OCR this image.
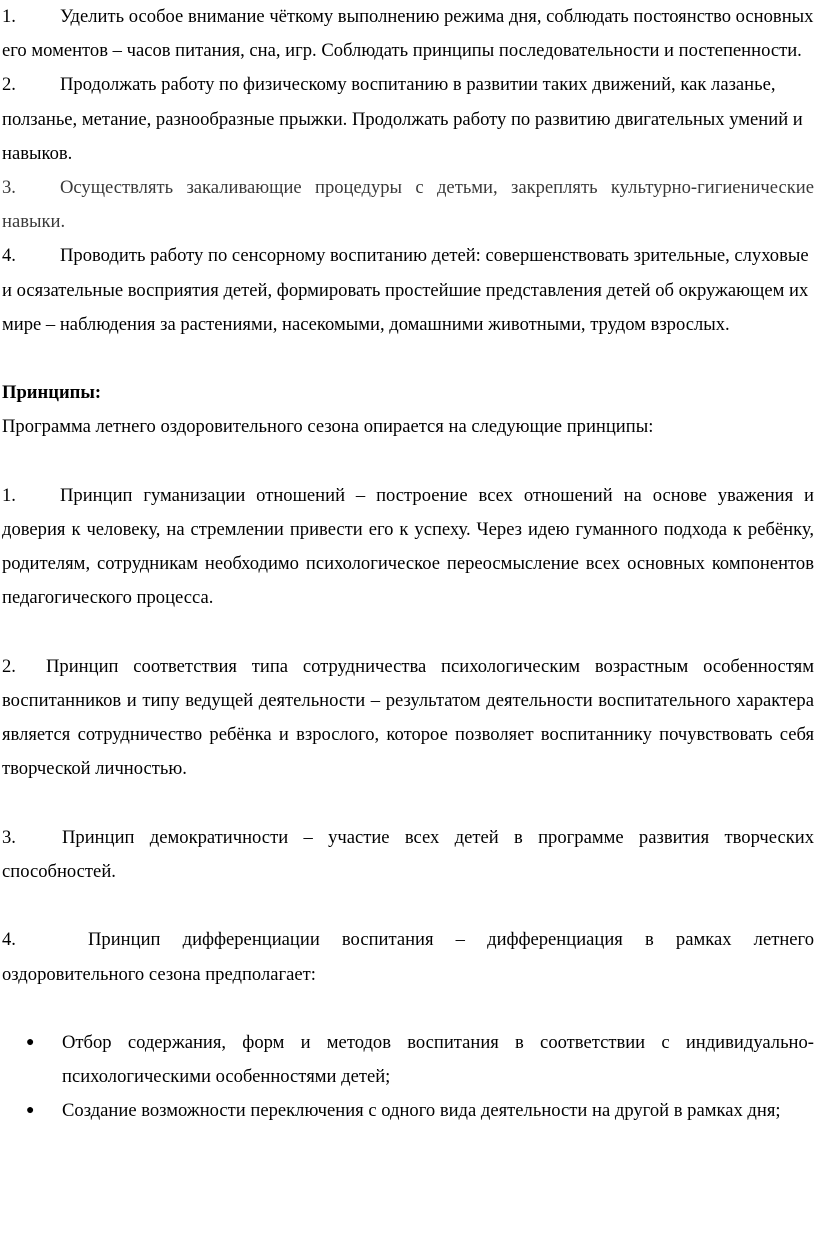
1. Уделить особое внимание чёткому выполнению режима дня, соблюдать постоянство основных его моментов – часов питания, сна, игр. Соблюдать принципы последовательности и постепенности.

2. Продолжать работу по физическому воспитанию в развитии таких движений, как лазанье, ползанье, метание, разнообразные прыжки. Продолжать работу по развитию двигательных умений и навыков.

3. Осуществлять закаливающие процедуры с детьми, закреплять культурно-гигиенические навыки.

4. Проводить работу по сенсорному воспитанию детей: совершенствовать зрительные, слуховые и осязательные восприятия детей, формировать простейшие представления детей об окружающем их мире – наблюдения за растениями, насекомыми, домашними животными, трудом взрослых.

Принципы:

Программа летнего оздоровительного сезона опирается на следующие принципы:

1. Принцип гуманизации отношений – построение всех отношений на основе уважения и доверия к человеку, на стремлении привести его к успеху. Через идею гуманного подхода к ребёнку, родителям, сотрудникам необходимо психологическое переосмысление всех основных компонентов педагогического процесса.

2. Принцип соответствия типа сотрудничества психологическим возрастным особенностям воспитанников и типу ведущей деятельности – результатом деятельности воспитательного характера является сотрудничество ребёнка и взрослого, которое позволяет воспитаннику почувствовать себя творческой личностью.

3. Принцип демократичности – участие всех детей в программе развития творческих способностей.

4.	Принцип дифференциации воспитания – дифференциация в рамках летнего оздоровительного сезона предполагает:

● Отбор содержания, форм и методов воспитания в соответствии с индивидуально-психологическими особенностями детей;

● Создание возможности переключения с одного вида деятельности на другой в рамках дня;
